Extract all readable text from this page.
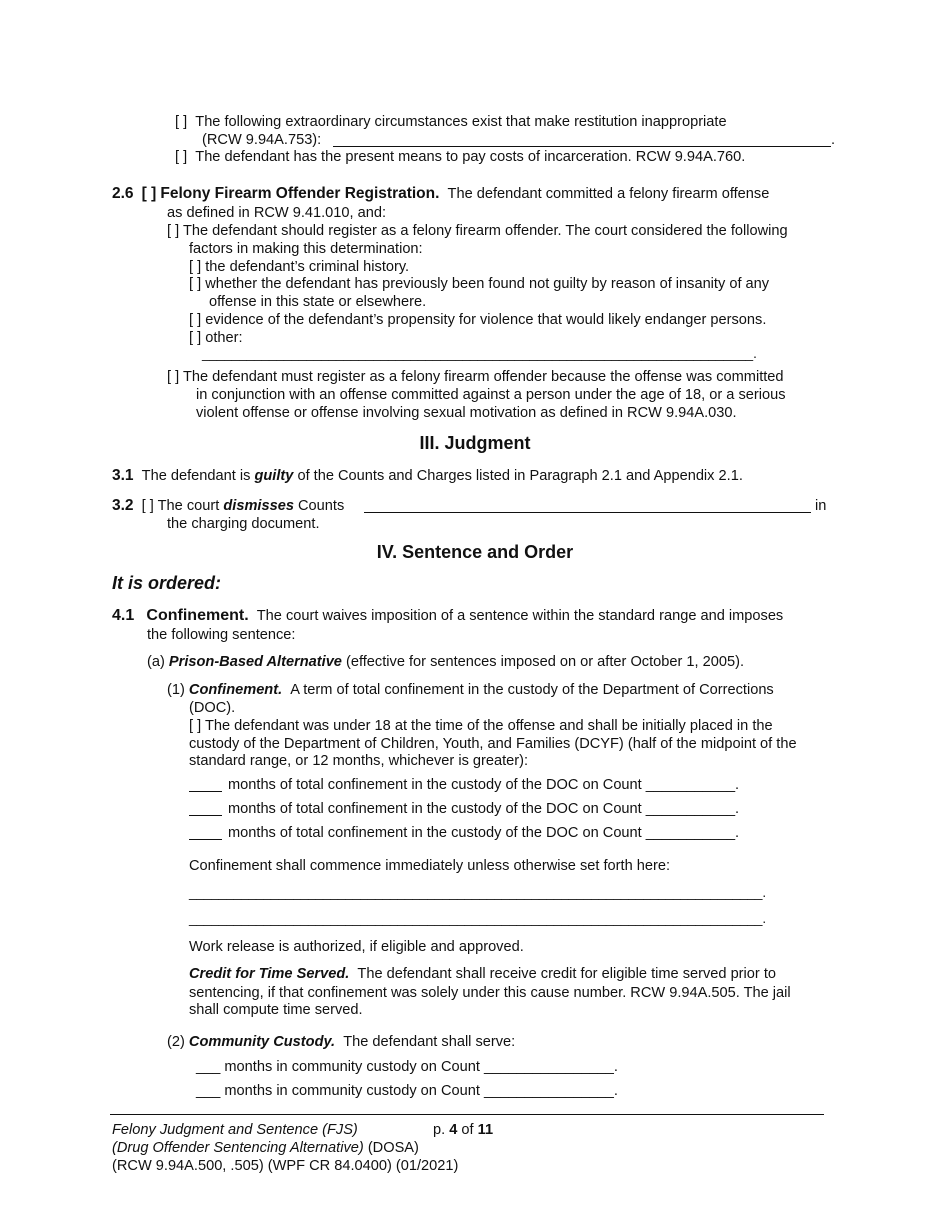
[ ] The following extraordinary circumstances exist that make restitution inappropriate
(RCW 9.94A.753):	.
[ ] The defendant has the present means to pay costs of incarceration. RCW 9.94A.760.
2.6 [ ] Felony Firearm Offender Registration. The defendant committed a felony firearm offense
as defined in RCW 9.41.010, and:
[ ] The defendant should register as a felony firearm offender. The court considered the following
factors in making this determination:
[ ] the defendant’s criminal history.
[ ] whether the defendant has previously been found not guilty by reason of insanity of any
offense in this state or elsewhere.
[ ] evidence of the defendant’s propensity for violence that would likely endanger persons.
[ ] other:
__________________________________________________________________________.
[ ] The defendant must register as a felony firearm offender because the offense was committed
in conjunction with an offense committed against a person under the age of 18, or a serious
violent offense or offense involving sexual motivation as defined in RCW 9.94A.030.
III. Judgment
3.1 The defendant is guilty of the Counts and Charges listed in Paragraph 2.1 and Appendix 2.1.
3.2 [ ] The court dismisses Counts	in
the charging document.
IV. Sentence and Order
It is ordered:
4.1 Confinement. The court waives imposition of a sentence within the standard range and imposes
the following sentence:
(a) Prison-Based Alternative (effective for sentences imposed on or after October 1, 2005).
(1) Confinement. A term of total confinement in the custody of the Department of Corrections
(DOC).
[ ] The defendant was under 18 at the time of the offense and shall be initially placed in the
custody of the Department of Children, Youth, and Families (DCYF) (half of the midpoint of the
standard range, or 12 months, whichever is greater):
months of total confinement in the custody of the DOC on Count ___________.
months of total confinement in the custody of the DOC on Count ___________.
months of total confinement in the custody of the DOC on Count ___________.
Confinement shall commence immediately unless otherwise set forth here:
_____________________________________________________________________________.
_____________________________________________________________________________.
Work release is authorized, if eligible and approved.
Credit for Time Served. The defendant shall receive credit for eligible time served prior to
sentencing, if that confinement was solely under this cause number. RCW 9.94A.505. The jail
shall compute time served.
(2) Community Custody. The defendant shall serve:
___ months in community custody on Count ________________.
___ months in community custody on Count ________________.
Felony Judgment and Sentence (FJS)	p. 4 of 11
(Drug Offender Sentencing Alternative) (DOSA)
(RCW 9.94A.500, .505) (WPF CR 84.0400) (01/2021)
